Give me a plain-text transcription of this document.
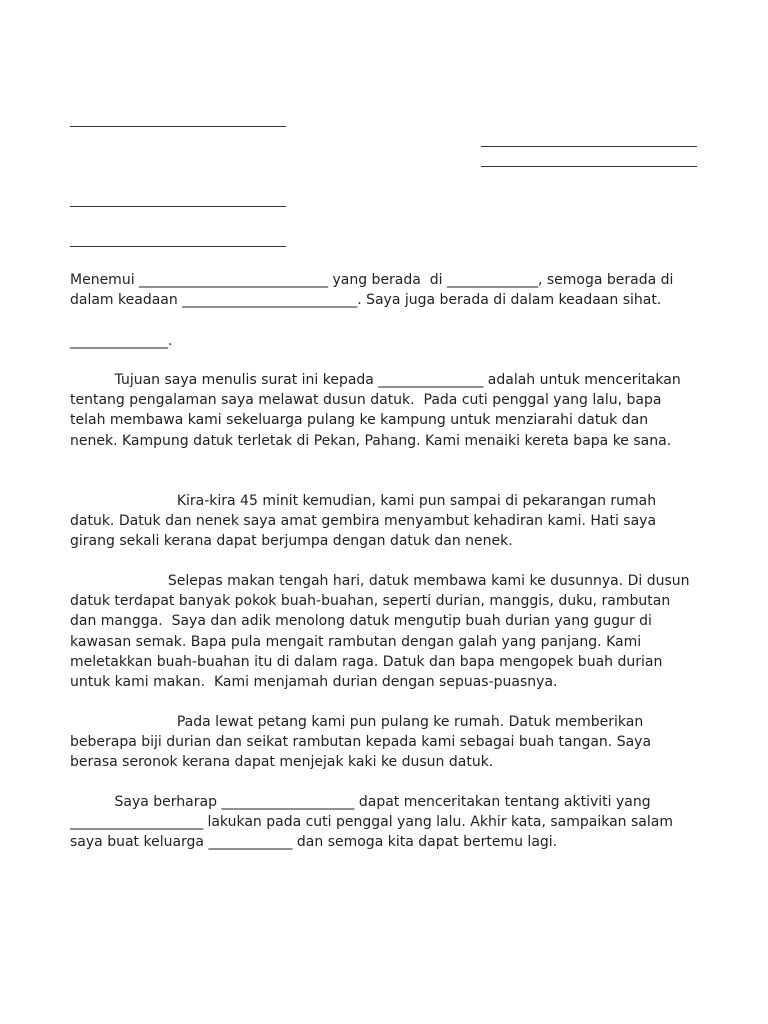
Menemui ___________________________ yang berada  di _____________, semoga berada di dalam keadaan _________________________. Saya juga berada di dalam keadaan sihat.
______________.

Tujuan saya menulis surat ini kepada _______________ adalah untuk menceritakan tentang pengalaman saya melawat dusun datuk.  Pada cuti penggal yang lalu, bapa  telah membawa kami sekeluarga pulang ke kampung untuk menziarahi datuk dan nenek. Kampung datuk terletak di Pekan, Pahang. Kami menaiki kereta bapa ke sana.

Kira-kira 45 minit kemudian, kami pun sampai di pekarangan rumah datuk. Datuk dan nenek saya amat gembira menyambut kehadiran kami. Hati saya girang sekali kerana dapat berjumpa dengan datuk dan nenek.

Selepas makan tengah hari, datuk membawa kami ke dusunnya. Di dusun datuk terdapat banyak pokok buah-buahan, seperti durian, manggis, duku, rambutan dan mangga.  Saya dan adik menolong datuk mengutip buah durian yang gugur di kawasan semak. Bapa pula mengait rambutan dengan galah yang panjang. Kami meletakkan buah-buahan itu di dalam raga. Datuk dan bapa mengopek buah durian untuk kami makan.  Kami menjamah durian dengan sepuas-puasnya.

Pada lewat petang kami pun pulang ke rumah. Datuk memberikan beberapa biji durian dan seikat rambutan kepada kami sebagai buah tangan. Saya berasa seronok kerana dapat menjejak kaki ke dusun datuk.

Saya berharap ___________________ dapat menceritakan tentang aktiviti yang ___________________ lakukan pada cuti penggal yang lalu. Akhir kata, sampaikan salam saya buat keluarga ____________ dan semoga kita dapat bertemu lagi.
